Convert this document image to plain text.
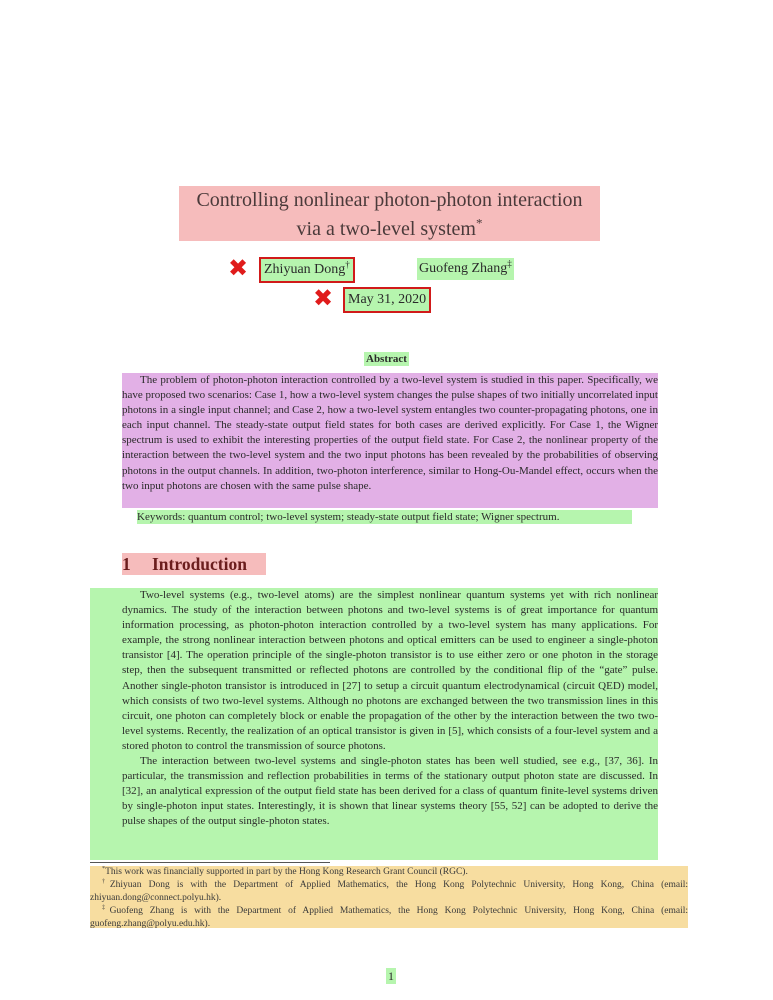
Controlling nonlinear photon-photon interaction
via a two-level system*
✖	Zhiyuan Dong†	Guofeng Zhang‡
✖	May 31, 2020
Abstract
The problem of photon-photon interaction controlled by a two-level system is studied in this paper. Specifically, we have proposed two scenarios: Case 1, how a two-level system changes the pulse shapes of two initially uncorrelated input photons in a single input channel; and Case 2, how a two-level system entangles two counter-propagating photons, one in each input channel. The steady-state output field states for both cases are derived explicitly. For Case 1, the Wigner spectrum is used to exhibit the interesting properties of the output field state. For Case 2, the nonlinear property of the interaction between the two-level system and the two input photons has been revealed by the probabilities of observing photons in the output channels. In addition, two-photon interference, similar to Hong-Ou-Mandel effect, occurs when the two input photons are chosen with the same pulse shape.
Keywords: quantum control; two-level system; steady-state output field state; Wigner spectrum.
1 Introduction

Two-level systems (e.g., two-level atoms) are the simplest nonlinear quantum systems yet with rich nonlinear dynamics. The study of the interaction between photons and two-level systems is of great importance for quantum information processing, as photon-photon interaction controlled by a two-level system has many applications. For example, the strong nonlinear interaction between photons and optical emitters can be used to engineer a single-photon transistor [4]. The operation principle of the single-photon transistor is to use either zero or one photon in the storage step, then the subsequent transmitted or reflected photons are controlled by the conditional flip of the “gate” pulse. Another single-photon transistor is introduced in [27] to setup a circuit quantum electrodynamical (circuit QED) model, which consists of two two-level systems. Although no photons are exchanged between the two transmission lines in this circuit, one photon can completely block or enable the propagation of the other by the interaction between the two two-level systems. Recently, the realization of an optical transistor is given in [5], which consists of a four-level system and a stored photon to control the transmission of source photons.

The interaction between two-level systems and single-photon states has been well studied, see e.g., [37, 36]. In particular, the transmission and reflection probabilities in terms of the stationary output photon state are discussed. In [32], an analytical expression of the output field state has been derived for a class of quantum finite-level systems driven by single-photon input states. Interestingly, it is shown that linear systems theory [55, 52] can be adopted to derive the pulse shapes of the output single-photon states.

*This work was financially supported in part by the Hong Kong Research Grant Council (RGC).

†Zhiyuan Dong is with the Department of Applied Mathematics, the Hong Kong Polytechnic University, Hong Kong, China (email: zhiyuan.dong@connect.polyu.hk).

‡Guofeng Zhang is with the Department of Applied Mathematics, the Hong Kong Polytechnic University, Hong Kong, China (email: guofeng.zhang@polyu.edu.hk).

1
